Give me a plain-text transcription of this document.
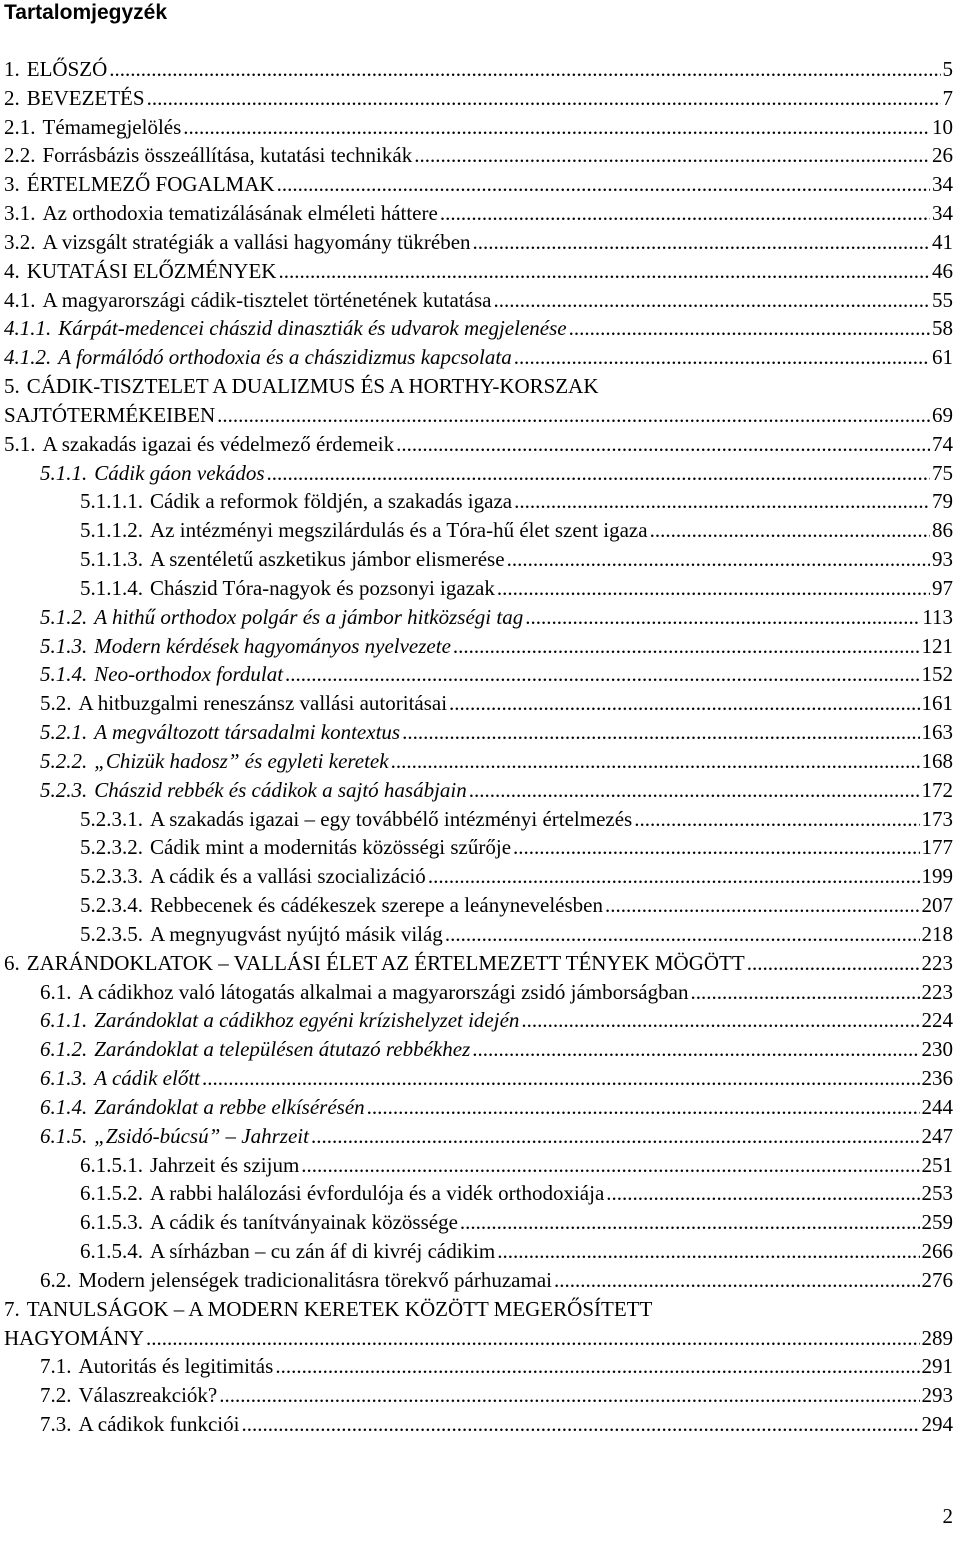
Tartalomjegyzék
1. ELŐSZÓ .....	5
2. BEVEZETÉS .....	7
2.1. Témamegjelölés .....	10
2.2. Forrásbázis összeállítása, kutatási technikák .....	26
3. ÉRTELMEZŐ FOGALMAK .....	34
3.1. Az orthodoxia tematizálásának elméleti háttere .....	34
3.2. A vizsgált stratégiák a vallási hagyomány tükrében .....	41
4. KUTATÁSI ELŐZMÉNYEK .....	46
4.1. A magyarországi cádik-tisztelet történetének kutatása .....	55
4.1.1. Kárpát-medencei chászid dinasztiák és udvarok megjelenése .....	58
4.1.2. A formálódó orthodoxia és a chászidizmus kapcsolata .....	61
5. CÁDIK-TISZTELET A DUALIZMUS ÉS A HORTHY-KORSZAK
SAJTÓTERMÉKEIBEN .....	69
5.1. A szakadás igazai és védelmező érdemeik .....	74
5.1.1. Cádik gáon vekádos .....	75
5.1.1.1. Cádik a reformok földjén, a szakadás igaza .....	79
5.1.1.2. Az intézményi megszilárdulás és a Tóra-hű élet szent igaza .....	86
5.1.1.3. A szentéletű aszketikus jámbor elismerése .....	93
5.1.1.4. Chászid Tóra-nagyok és pozsonyi igazak .....	97
5.1.2. A hithű orthodox polgár és a jámbor hitközségi tag .....	113
5.1.3. Modern kérdések hagyományos nyelvezete .....	121
5.1.4. Neo-orthodox fordulat .....	152
5.2. A hitbuzgalmi reneszánsz vallási autoritásai .....	161
5.2.1. A megváltozott társadalmi kontextus .....	163
5.2.2. „Chizük hadosz” és egyleti keretek .....	168
5.2.3. Chászid rebbék és cádikok a sajtó hasábjain .....	172
5.2.3.1. A szakadás igazai – egy továbbélő intézményi értelmezés .....	173
5.2.3.2. Cádik mint a modernitás közösségi szűrője .....	177
5.2.3.3. A cádik és a vallási szocializáció .....	199
5.2.3.4. Rebbecenek és cádékeszek szerepe a leánynevelésben .....	207
5.2.3.5. A megnyugvást nyújtó másik világ .....	218
6. ZARÁNDOKLATOK – VALLÁSI ÉLET AZ ÉRTELMEZETT TÉNYEK MÖGÖTT .....	223
6.1. A cádikhoz való látogatás alkalmai a magyarországi zsidó jámborságban .....	223
6.1.1. Zarándoklat a cádikhoz egyéni krízishelyzet idején .....	224
6.1.2. Zarándoklat a településen átutazó rebbékhez .....	230
6.1.3. A cádik előtt .....	236
6.1.4. Zarándoklat a rebbe elkísérésén .....	244
6.1.5. „Zsidó-búcsú” – Jahrzeit .....	247
6.1.5.1. Jahrzeit és szijum .....	251
6.1.5.2. A rabbi halálozási évfordulója és a vidék orthodoxiája .....	253
6.1.5.3. A cádik és tanítványainak közössége .....	259
6.1.5.4. A sírházban – cu zán áf di kivréj cádikim .....	266
6.2. Modern jelenségek tradicionalitásra törekvő párhuzamai .....	276
7. TANULSÁGOK – A MODERN KERETEK KÖZÖTT MEGERŐSÍTETT
HAGYOMÁNY .....	289
7.1. Autoritás és legitimitás .....	291
7.2. Válaszreakciók? .....	293
7.3. A cádikok funkciói .....	294
2
